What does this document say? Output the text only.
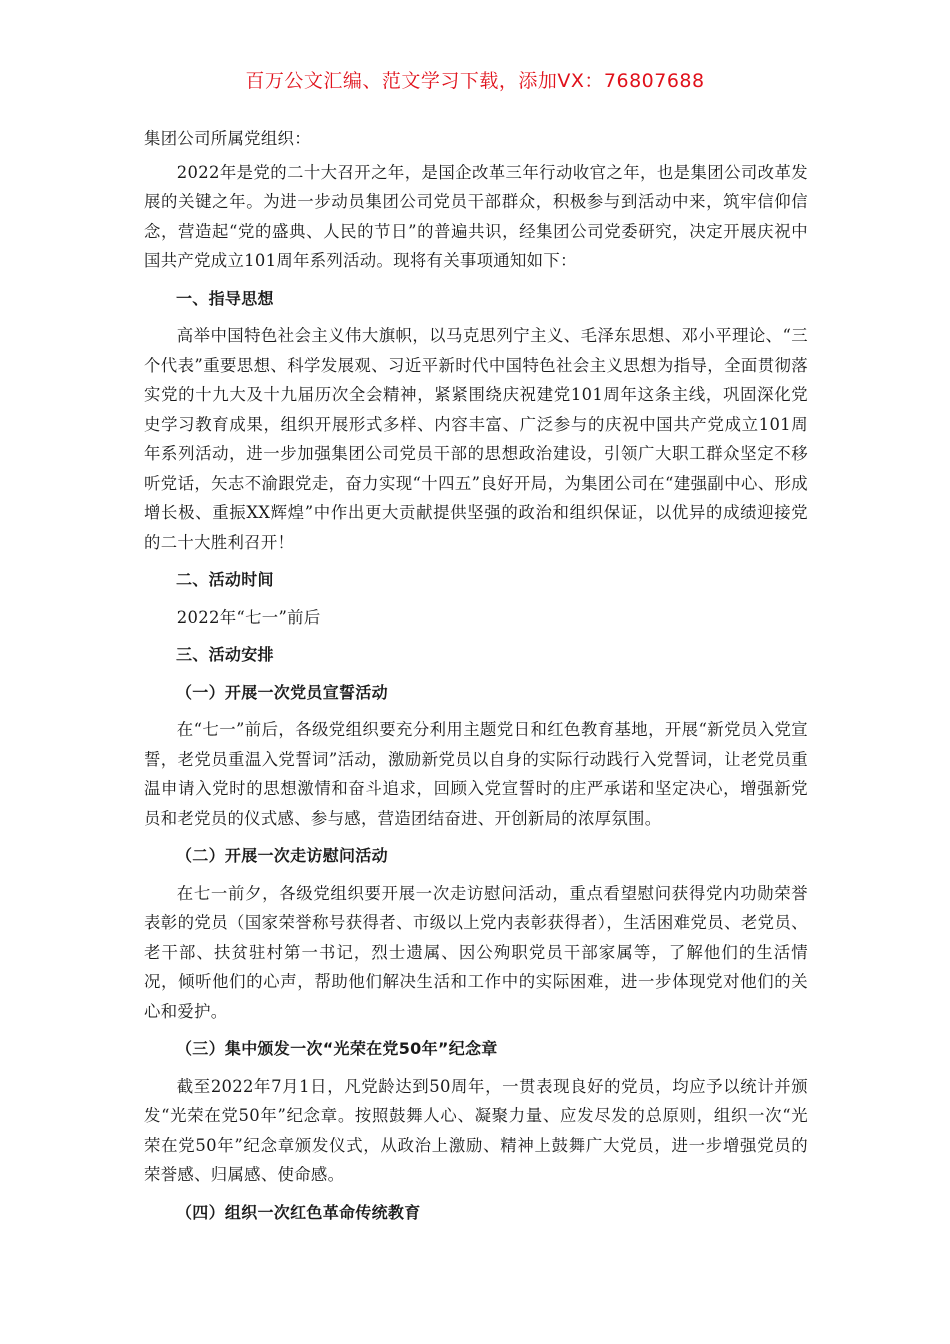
百万公文汇编、范文学习下载，添加VX：76807688

集团公司所属党组织：

2022年是党的二十大召开之年，是国企改革三年行动收官之年，也是集团公司改革发展的关键之年。为进一步动员集团公司党员干部群众，积极参与到活动中来，筑牢信仰信念，营造起“党的盛典、人民的节日”的普遍共识，经集团公司党委研究，决定开展庆祝中国共产党成立101周年系列活动。现将有关事项通知如下：

一、指导思想

高举中国特色社会主义伟大旗帜，以马克思列宁主义、毛泽东思想、邓小平理论、“三个代表”重要思想、科学发展观、习近平新时代中国特色社会主义思想为指导，全面贯彻落实党的十九大及十九届历次全会精神，紧紧围绕庆祝建党101周年这条主线，巩固深化党史学习教育成果，组织开展形式多样、内容丰富、广泛参与的庆祝中国共产党成立101周年系列活动，进一步加强集团公司党员干部的思想政治建设，引领广大职工群众坚定不移听党话，矢志不渝跟党走，奋力实现“十四五”良好开局，为集团公司在“建强副中心、形成增长极、重振XX辉煌”中作出更大贡献提供坚强的政治和组织保证，以优异的成绩迎接党的二十大胜利召开！

二、活动时间

2022年“七一”前后

三、活动安排

（一）开展一次党员宣誓活动

在“七一”前后，各级党组织要充分利用主题党日和红色教育基地，开展“新党员入党宣誓，老党员重温入党誓词”活动，激励新党员以自身的实际行动践行入党誓词，让老党员重温申请入党时的思想激情和奋斗追求，回顾入党宣誓时的庄严承诺和坚定决心，增强新党员和老党员的仪式感、参与感，营造团结奋进、开创新局的浓厚氛围。

（二）开展一次走访慰问活动

在七一前夕，各级党组织要开展一次走访慰问活动，重点看望慰问获得党内功勋荣誉表彰的党员（国家荣誉称号获得者、市级以上党内表彰获得者），生活困难党员、老党员、老干部、扶贫驻村第一书记，烈士遗属、因公殉职党员干部家属等，了解他们的生活情况，倾听他们的心声，帮助他们解决生活和工作中的实际困难，进一步体现党对他们的关心和爱护。

（三）集中颁发一次“光荣在党50年”纪念章

截至2022年7月1日，凡党龄达到50周年，一贯表现良好的党员，均应予以统计并颁发“光荣在党50年”纪念章。按照鼓舞人心、凝聚力量、应发尽发的总原则，组织一次“光荣在党50年”纪念章颁发仪式，从政治上激励、精神上鼓舞广大党员，进一步增强党员的荣誉感、归属感、使命感。

（四）组织一次红色革命传统教育
